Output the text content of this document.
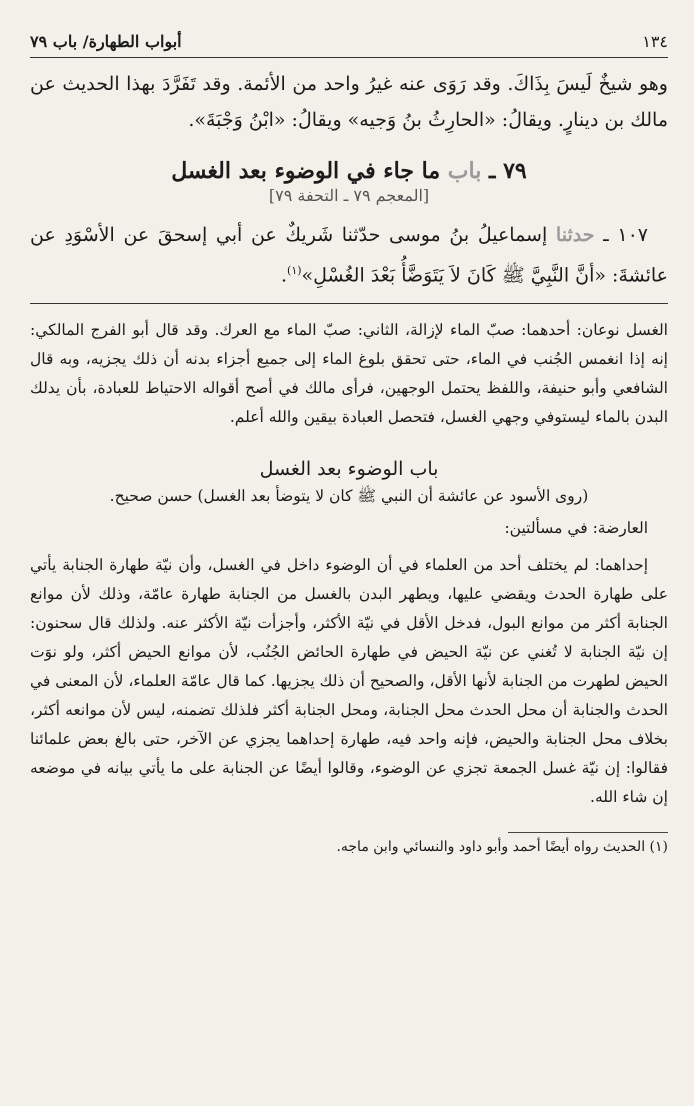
١٣٤
أبواب الطهارة/ باب ٧٩

وهو شيخٌ لَيسَ بِذَاكَ. وقد رَوَى عنه غيرُ واحد من الأئمة. وقد تَفَرَّدَ بهذا الحديث عن مالك بن دينارٍ. ويقالُ: «الحارِثُ بنُ وَجيه» ويقالُ: «ابْنُ وَجْبَةَ».

٧٩ ـ باب ما جاء في الوضوء بعد الغسل
[المعجم ٧٩ ـ التحفة ٧٩]

١٠٧ ـ حدثنا إسماعيلُ بنُ موسى حدّثنا شَريكٌ عن أبي إسحقَ عن الأسْوَدِ عن عائشةَ: «أنَّ النَّبِيَّ ﷺ كَانَ لاَ يَتَوَضَّأُ بَعْدَ الغُسْلِ»$^{(١)}$.

الغسل نوعان: أحدهما: صبّ الماء لإزالة، الثاني: صبّ الماء مع العرك. وقد قال أبو الفرج المالكي: إنه إذا انغمس الجُنب في الماء، حتى تحقق بلوغ الماء إلى جميع أجزاء بدنه أن ذلك يجزيه، وبه قال الشافعي وأبو حنيفة، واللفظ يحتمل الوجهين، فرأى مالك في أصح أقواله الاحتياط للعبادة، بأن يدلك البدن بالماء ليستوفي وجهي الغسل، فتحصل العبادة بيقين والله أعلم.

باب الوضوء بعد الغسل
(روى الأسود عن عائشة أن النبي ﷺ كان لا يتوضأ بعد الغسل) حسن صحيح.
العارضة: في مسألتين:

إحداهما: لم يختلف أحد من العلماء في أن الوضوء داخل في الغسل، وأن نيّة طهارة الجنابة يأتي على طهارة الحدث ويقضي عليها، ويطهر البدن بالغسل من الجنابة طهارة عامّة، وذلك لأن موانع الجنابة أكثر من موانع البول، فدخل الأقل في نيّة الأكثر، وأجزأت نيّة الأكثر عنه. ولذلك قال سحنون: إن نيّة الجنابة لا تُغني عن نيّة الحيض في طهارة الحائض الجُنُب، لأن موانع الحيض أكثر، ولو نوَت الحيض لطهرت من الجنابة لأنها الأقل، والصحيح أن ذلك يجزيها. كما قال عامّة العلماء، لأن المعنى في الحدث والجنابة أن محل الحدث محل الجنابة، ومحل الجنابة أكثر فلذلك تضمنه، ليس لأن موانعه أكثر، بخلاف محل الجنابة والحيض، فإنه واحد فيه، طهارة إحداهما يجزي عن الآخر، حتى بالغ بعض علمائنا فقالوا: إن نيّة غسل الجمعة تجزي عن الوضوء، وقالوا أيضًا عن الجنابة على ما يأتي بيانه في موضعه إن شاء الله.

(١) الحديث رواه أيضًا أحمد وأبو داود والنسائي وابن ماجه.
